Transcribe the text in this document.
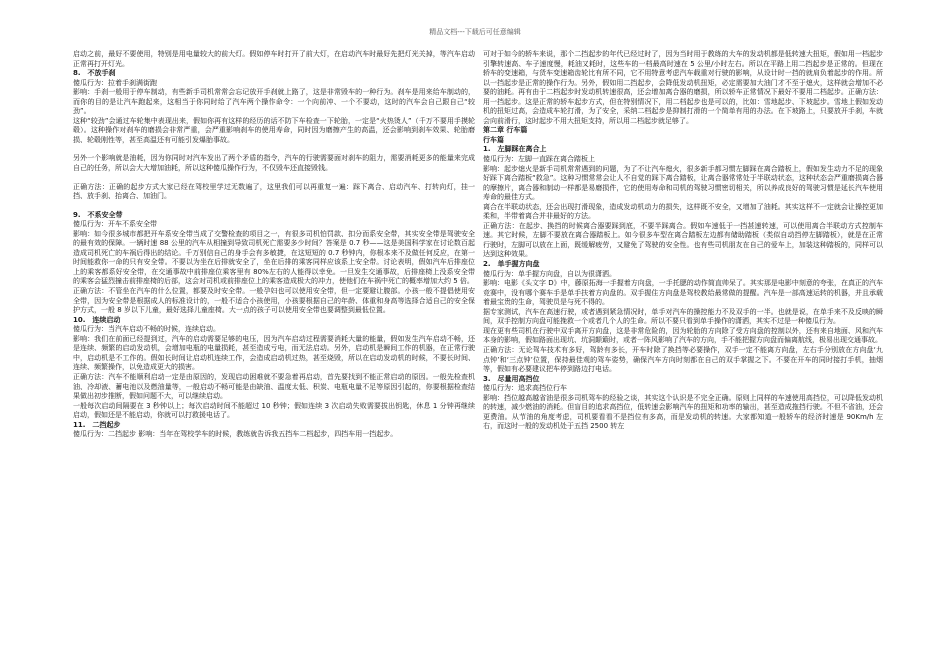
精品文档---下载后可任意编辑

启动之前，最好不要使用，特别是用电量较大的前大灯。假如停车时打开了前大灯，在启动汽车时最好先把灯光关掉，等汽车启动正常再打开灯光。

8.　不放手刹

傻瓜行为：拉着手刹满街跑

影响：手刹一般用于停车制动，有些新手司机常常会忘记放开手刹就上路了，这是非常毁车的一种行为。刹车是用来给车制动的，而你的目的是让汽车跑起来，这相当于你同时给了汽车两个操作命令：一个向前冲、一个不要动，这时的汽车会自己跟自己“较劲”。

这种“较劲”会通过车轮集中表现出来，假如你再有这样的经历的话不防下车检查一下轮胎，一定是“火热烫人”（千万不要用手摸轮毂）。这种操作对刹车的磨损会非常严重，会严重影响刹车的使用寿命，同时因为磨擦产生的高温，还会影响到刹车效果、轮胎磨损、轮毂刚性等，甚至高温还有可能引发爆胎事故。

另外一个影响就是油耗，因为你同时对汽车发出了两个矛盾的指令，汽车的行驶需要面对刹车的阻力，需要消耗更多的能量来完成自己的任务，所以会大大增加油耗，所以这种傻瓜操作行为，不仅毁车还直接毁钱。

正确方法：正确的起步方式大家已经在驾校里学过无数遍了，这里我们可以再重复一遍：踩下离合、启动汽车、打转向灯，挂一挡、放手刹、抬离合、加油门。

9.　不系安全带

傻瓜行为：开车不系安全带

影响：如今很多城市都把开车系安全带当成了交警检查的项目之一，有很多司机怕罚款、扣分而系安全带，其实安全带是驾驶安全的最有效的保障。一辆时速 88 公里的汽车从相撞到导致司机死亡需要多少时间？答案是 0.7 秒——这是美国科学家在讨论数百起造成司机死亡的车祸后得出的结论。千万别信自己的身手会有多敏捷，在这短短的 0.7 秒钟内，你根本来不及做任何反应，在第一时间能救你一命的只有安全带。不要以为坐在后排就安全了，坐在后排的乘客同样应该系上安全带。讨论表明，假如汽车后排座位上的乘客都系好安全带，在交通事故中前排座位乘客里有 80%左右的人能得以幸免。一旦发生交通事故，后排座椅上没系安全带的乘客会猛烈撞击前排座椅的后部，这会对司机或前排座位上的乘客造成极大的冲力，使他们在车祸中死亡的概率增加大约 5 倍。

正确方法：不管坐在汽车的什么位置，都要及时安全带。一般孕妇也可以使用安全带，但一定要避让腹部。小孩一般不提倡使用安全带，因为安全带是根据成人的标准设计的，一般不适合小孩使用，小孩要根据自己的年龄、体重和身高等选择合适自己的安全保护方式，一般 8 岁以下儿童，最好选择儿童座椅。大一点的孩子可以使用安全带也要调整到最低位置。

10.　连续启动

傻瓜行为：当汽车启动不畅的时候，连续启动。

影响：我们在前面已经提到过，汽车的启动需要足够的电压，因为汽车启动过程需要消耗大量的能量，假如发生汽车启动不畅，还是连续、频繁的启动发动机，会增加电瓶的电量损耗，甚至造成亏电，而无法启动。另外，启动机是瞬间工作的机器，在正常行驶中，启动机是不工作的。假如长时间让启动机连续工作，会造成启动机过热，甚至烧毁，所以在启动发动机的时候，不要长时间、连续、频繁操作，以免造成更大的损害。

正确方法：汽车不能顺利启动一定是由原因的，发现启动困难就不要急着再启动，首先要找到不能正常启动的原因。一般先检查机油、冷却液、蓄电池以及燃油量等，一般启动不畅可能是由缺油、温度太低、积炭、电瓶电量不足等原因引起的，你要根据检查结果做出初步推断，假如问题不大，可以继续启动。

一般每次启动间隔要在 3 秒钟以上；每次启动时间不能超过 10 秒钟；假如连续 3 次启动失败需要拔出钥匙，休息 1 分钟再继续启动，假如还是不能启动，你就可以打救援电话了。

11.　二挡起步

傻瓜行为：二挡起步 影响：当年在驾校学车的时候，教练就告诉我五挡车二档起步，四挡车用一挡起步。

可对于如今的轿车来说，那个二挡起步的年代已经过时了，因为当时用于教练的大车的发动机都是低转速大扭矩，假如用一档起步引擎转速高、车子速度慢，耗油又耗时，这些车的一档最高时速在 5 公里/小时左右。所以在平路上用二挡起步是正常的。但现在轿车的变速箱，与货车变速箱齿轮比有所不同，它不用特意考虑汽车载重对行驶的影响，从设计时一挡的就肩负着起步的作用。所以一挡起步是正常的操作行为。另外，假如用二挡起步，会降低发动机扭矩，必定需要加大油门才不至于熄火，这样就会增加不必要的油耗。再有由于二档起步时发动机转速很高，还会增加离合器的磨损，所以轿车正常情况下最好不要用二档起步。正确方法：用一挡起步。这是正常的轿车起步方式，但在特别情况下，用二档起步也是可以的，比如：雪地起步、下坡起步。雪地上假如发动机的扭矩过高，会造成车轮打滑，为了安全，采纳二档起步是抑制打滑的一个简单有用的办法。在下坡路上，只要放开手刹，车就会向前滑行，这时起步不用大扭矩支持，所以用二档起步就足够了。

第二章 行车篇

行车篇

1.　左脚踩在离合上

傻瓜行为：左脚一直踩在离合踏板上

影响：起步熄火是新手司机常常遇到的问题，为了不让汽车熄火，很多新手都习惯左脚踩在离合踏板上，假如发生动力不足的现象好踩下离合踏板“救急”。这种习惯常常会让人不自觉的踩下离合踏板，让离合器常常处于半联动状态，这种状态会严重磨损离合器的摩擦片，离合器和制动一样都是易磨损件，它的使用寿命和司机的驾驶习惯密切相关，所以养成良好的驾驶习惯是延长汽车使用寿命的最佳方式。

离合在半联动状态，还会出现打滑现象，造成发动机动力的损失，这样既不安全，又增加了油耗。其实这样不一定就会让操控更加柔和，半带着离合并非最好的方法。

正确方法：在起步、换挡的时候离合器要踩到底，不要半踩离合。假如车速低于一挡甚速转速，可以使用离合半联动方式控制车速。其它时候，左脚不要放在离合器踏板上。如今很多车型在离合踏板左边都有储助踏板（类似自动挡停左脚踏板），就是在正常行驶时，左脚可以放在上面，既缓解疲劳，又避免了驾驶的安全性。也有些司机朋友在自己的爱车上，加装这种踏板的，同样可以达到这种效果。

2.　单手握方向盘

傻瓜行为：单手握方向盘，自以为很潇洒。

影响：电影《头文字 D》中，藤原拓海一手握着方向盘，一手托腮的动作简直帅呆了。其实那是电影中刻意的夸张，在真正的汽车竞赛中，没有哪个赛车手是单手扶着方向盘的。双手握住方向盘是驾校教给最常做的提醒。汽车是一部高速运转的机器，并且承载着最宝贵的生命，驾驶员是与死不得的。

据专家测试，汽车在高速行驶，或者遇到紧急情况时，单手对汽车的操控能力不及双手的一半。也就是说，在单手来不及反映的瞬间，双手控制方向盘可能挽救一个或者几个人的生命。所以不要只看到单手操作的潇洒，其实不过是一种傻瓜行为。

现在更有些司机在行驶中双手离开方向盘，这是非常危险的，因为轮胎的方向除了受方向盘的控制以外，还有来自地面、风和汽车本身的影响，假如路面出现坑、坑洞颠簸时，或者一阵风影响了汽车的方向，手不能把握方向盘而偏离航线，极易出现交通事故。

正确方法：无论驾车技术有多好，驾龄有多长，开车时除了换挡等必要操作，双手一定不能离方向盘，左右手分别放在方向盘‘九点钟’和‘三点钟’位置，保持最佳观的驾车姿势，确保汽车方向时刻都在自己的双手掌握之下。不要在开车的同时接打手机，抽烟等，假如有必要建议把车停到路边打电话。

3.　尽量用高挡位

傻瓜行为：追求高挡位行车

影响：挡位越高越省油是很多司机驾车的经验之谈，其实这个认识是不完全正确。原则上同样的车速使用高挡位，可以降低发动机的转速，减少燃油的消耗。但盲目的追求高挡位，低转速会影响汽车的扭矩和功率的输出，甚至造成拖挡行驶。不但不省油，还会更费油。从节油的角度考虑，司机要看看不是挡位有多高，而是发动机的转速。大家都知道一般轿车的经济时速是 90Km/h 左右，而这时一般的发动机处于五挡 2500 转左
